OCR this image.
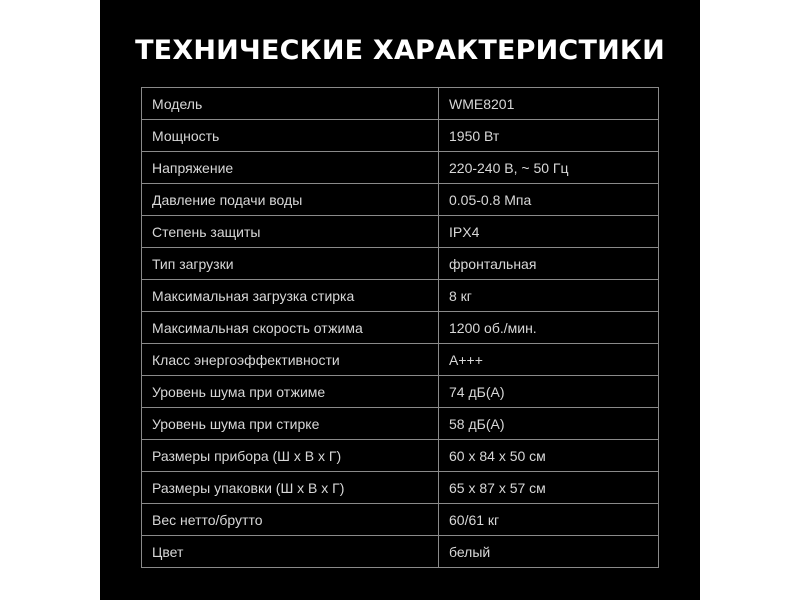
ТЕХНИЧЕСКИЕ ХАРАКТЕРИСТИКИ
Модель	WME8201
Мощность	1950 Вт
Напряжение	220-240 В, ~ 50 Гц
Давление подачи воды	0.05-0.8 Мпа
Степень защиты	IPX4
Тип загрузки	фронтальная
Максимальная загрузка стирка	8 кг
Максимальная скорость отжима	1200 об./мин.
Класс энергоэффективности	A+++
Уровень шума при отжиме	74 дБ(А)
Уровень шума при стирке	58 дБ(А)
Размеры прибора (Ш х В х Г)	60 х 84 х 50 см
Размеры упаковки (Ш х В х Г)	65 х 87 х 57 см
Вес нетто/брутто	60/61 кг
Цвет	белый
